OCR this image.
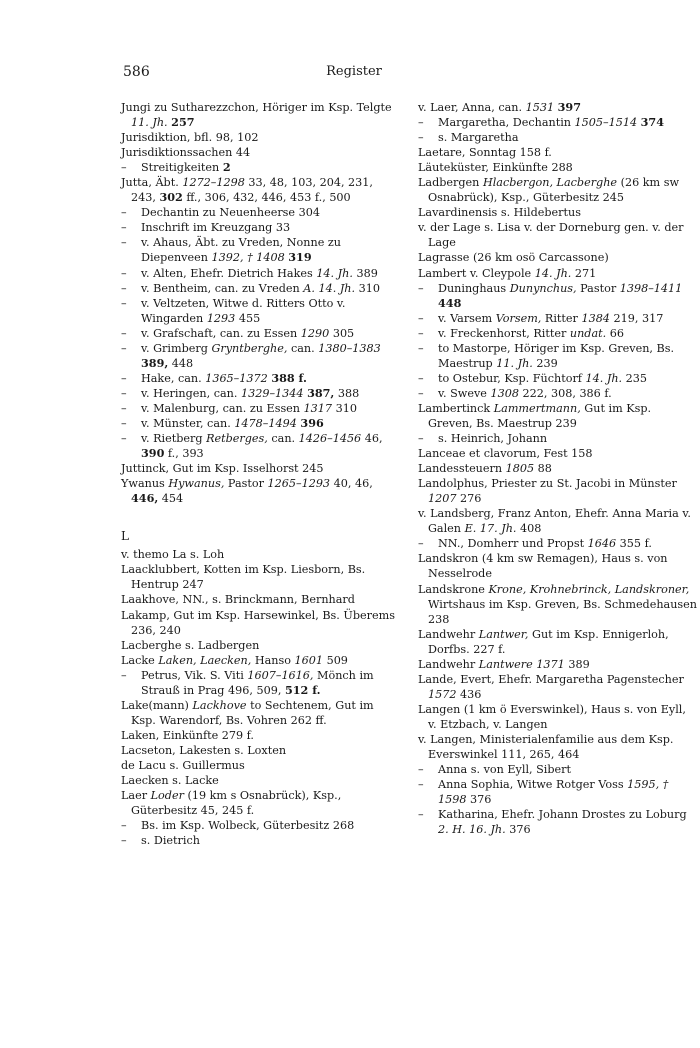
586	Register

Jungi zu Sutharezzchon, Höriger im Ksp. Telgte 11. Jh. 257

Jurisdiktion, bfl. 98, 102

Jurisdiktionssachen 44

– Streitigkeiten 2

Jutta, Äbt. 1272–1298 33, 48, 103, 204, 231, 243, 302 ff., 306, 432, 446, 453 f., 500

– Dechantin zu Neuenheerse 304

– Inschrift im Kreuzgang 33

– v. Ahaus, Äbt. zu Vreden, Nonne zu Diepenveen 1392, † 1408 319

– v. Alten, Ehefr. Dietrich Hakes 14. Jh. 389

– v. Bentheim, can. zu Vreden A. 14. Jh. 310

– v. Veltzeten, Witwe d. Ritters Otto v. Wingarden 1293 455

– v. Grafschaft, can. zu Essen 1290 305

– v. Grimberg Gryntberghe, can. 1380–1383 389, 448

– Hake, can. 1365–1372 388 f.

– v. Heringen, can. 1329–1344 387, 388

– v. Malenburg, can. zu Essen 1317 310

– v. Münster, can. 1478–1494 396

– v. Rietberg Retberges, can. 1426–1456 46, 390 f., 393

Juttinck, Gut im Ksp. Isselhorst 245

Ywanus Hywanus, Pastor 1265–1293 40, 46, 446, 454

L

v. themo La s. Loh

Laacklubbert, Kotten im Ksp. Liesborn, Bs. Hentrup 247

Laakhove, NN., s. Brinckmann, Bernhard

Lakamp, Gut im Ksp. Harsewinkel, Bs. Überems 236, 240

Lacberghe s. Ladbergen

Lacke Laken, Laecken, Hanso 1601 509

– Petrus, Vik. S. Viti 1607–1616, Mönch im Strauß in Prag 496, 509, 512 f.

Lake(mann) Lackhove to Sechtenem, Gut im Ksp. Warendorf, Bs. Vohren 262 ff.

Laken, Einkünfte 279 f.

Lacseton, Lakesten s. Loxten

de Lacu s. Guillermus

Laecken s. Lacke

Laer Loder (19 km s Osnabrück), Ksp., Güterbesitz 45, 245 f.

– Bs. im Ksp. Wolbeck, Güterbesitz 268

– s. Dietrich

v. Laer, Anna, can. 1531 397

– Margaretha, Dechantin 1505–1514 374

– s. Margaretha

Laetare, Sonntag 158 f.

Läuteküster, Einkünfte 288

Ladbergen Hlacbergon, Lacberghe (26 km sw Osnabrück), Ksp., Güterbesitz 245

Lavardinensis s. Hildebertus

v. der Lage s. Lisa v. der Dorneburg gen. v. der Lage

Lagrasse (26 km osö Carcassone)

Lambert v. Cleypole 14. Jh. 271

– Duninghaus Dunynchus, Pastor 1398–1411 448

– v. Varsem Vorsem, Ritter 1384 219, 317

– v. Freckenhorst, Ritter undat. 66

– to Mastorpe, Höriger im Ksp. Greven, Bs. Maestrup 11. Jh. 239

– to Ostebur, Ksp. Füchtorf 14. Jh. 235

– v. Sweve 1308 222, 308, 386 f.

Lambertinck Lammertmann, Gut im Ksp. Greven, Bs. Maestrup 239

– s. Heinrich, Johann

Lanceae et clavorum, Fest 158

Landessteuern 1805 88

Landolphus, Priester zu St. Jacobi in Münster 1207 276

v. Landsberg, Franz Anton, Ehefr. Anna Maria v. Galen E. 17. Jh. 408

– NN., Domherr und Propst 1646 355 f.

Landskron (4 km sw Remagen), Haus s. von Nesselrode

Landskrone Krone, Krohnebrinck, Landskroner, Wirtshaus im Ksp. Greven, Bs. Schmedehausen 238

Landwehr Lantwer, Gut im Ksp. Ennigerloh, Dorfbs. 227 f.

Landwehr Lantwere 1371 389

Lande, Evert, Ehefr. Margaretha Pagenstecher 1572 436

Langen (1 km ö Everswinkel), Haus s. von Eyll, v. Etzbach, v. Langen

v. Langen, Ministerialenfamilie aus dem Ksp. Everswinkel 111, 265, 464

– Anna s. von Eyll, Sibert

– Anna Sophia, Witwe Rotger Voss 1595, † 1598 376

– Katharina, Ehefr. Johann Drostes zu Loburg 2. H. 16. Jh. 376
